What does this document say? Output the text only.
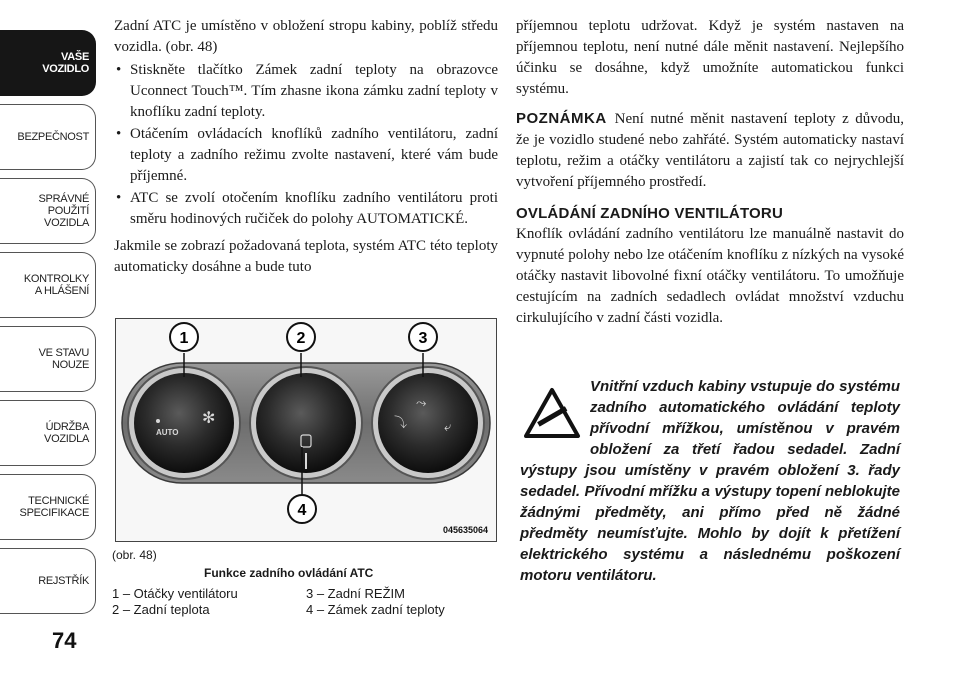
VAŠE
VOZIDLO
BEZPEČNOST
SPRÁVNÉ
POUŽITÍ
VOZIDLA
KONTROLKY
A HLÁŠENÍ
VE STAVU
NOUZE
ÚDRŽBA
VOZIDLA
TECHNICKÉ
SPECIFIKACE
REJSTŘÍK
74

Zadní ATC je umístěno v obložení stropu kabiny, poblíž středu vozidla. (obr. 48)

• Stiskněte tlačítko Zámek zadní teploty na obrazovce Uconnect Touch™. Tím zhasne ikona zámku zadní teploty v knoflíku zadní teploty.
• Otáčením ovládacích knoflíků zadního ventilátoru, zadní teploty a zadního režimu zvolte nastavení, které vám bude příjemné.
• ATC se zvolí otočením knoflíku zadního ventilátoru proti směru hodinových ručiček do polohy AUTOMATICKÉ.

Jakmile se zobrazí požadovaná teplota, systém ATC této teploty automaticky dosáhne a bude tuto

AUTO
✻	⤵
⤳
⤶
1	2	3
4
045635064
(obr. 48)
Funkce zadního ovládání ATC
1 – Otáčky ventilátoru	3 – Zadní REŽIM
2 – Zadní teplota	4 – Zámek zadní teploty

příjemnou teplotu udržovat. Když je systém nastaven na příjemnou teplotu, není nutné dále měnit nastavení. Nejlepšího účinku se dosáhne, když umožníte automatickou funkci systému.

POZNÁMKA Není nutné měnit nastavení teploty z důvodu, že je vozidlo studené nebo zahřáté. Systém automaticky nastaví teplotu, režim a otáčky ventilátoru a zajistí tak co nejrychlejší vytvoření příjemného prostředí.

OVLÁDÁNÍ ZADNÍHO VENTILÁTORU

Knoflík ovládání zadního ventilátoru lze manuálně nastavit do vypnuté polohy nebo lze otáčením knoflíku z nízkých na vysoké otáčky nastavit libovolné fixní otáčky ventilátoru. To umožňuje cestujícím na zadních sedadlech ovládat množství vzduchu cirkulujícího v zadní části vozidla.

Vnitřní vzduch kabiny vstupuje do systému zadního automatického ovládání teploty přívodní mřížkou, umístěnou v pravém obložení za třetí řadou sedadel. Zadní výstupy jsou umístěny v pravém obložení 3. řady sedadel. Přívodní mřížku a výstupy topení neblokujte žádnými předměty, ani přímo před ně žádné předměty neumísťujte. Mohlo by dojít k přetížení elektrického systému a následnému poškození motoru ventilátoru.
